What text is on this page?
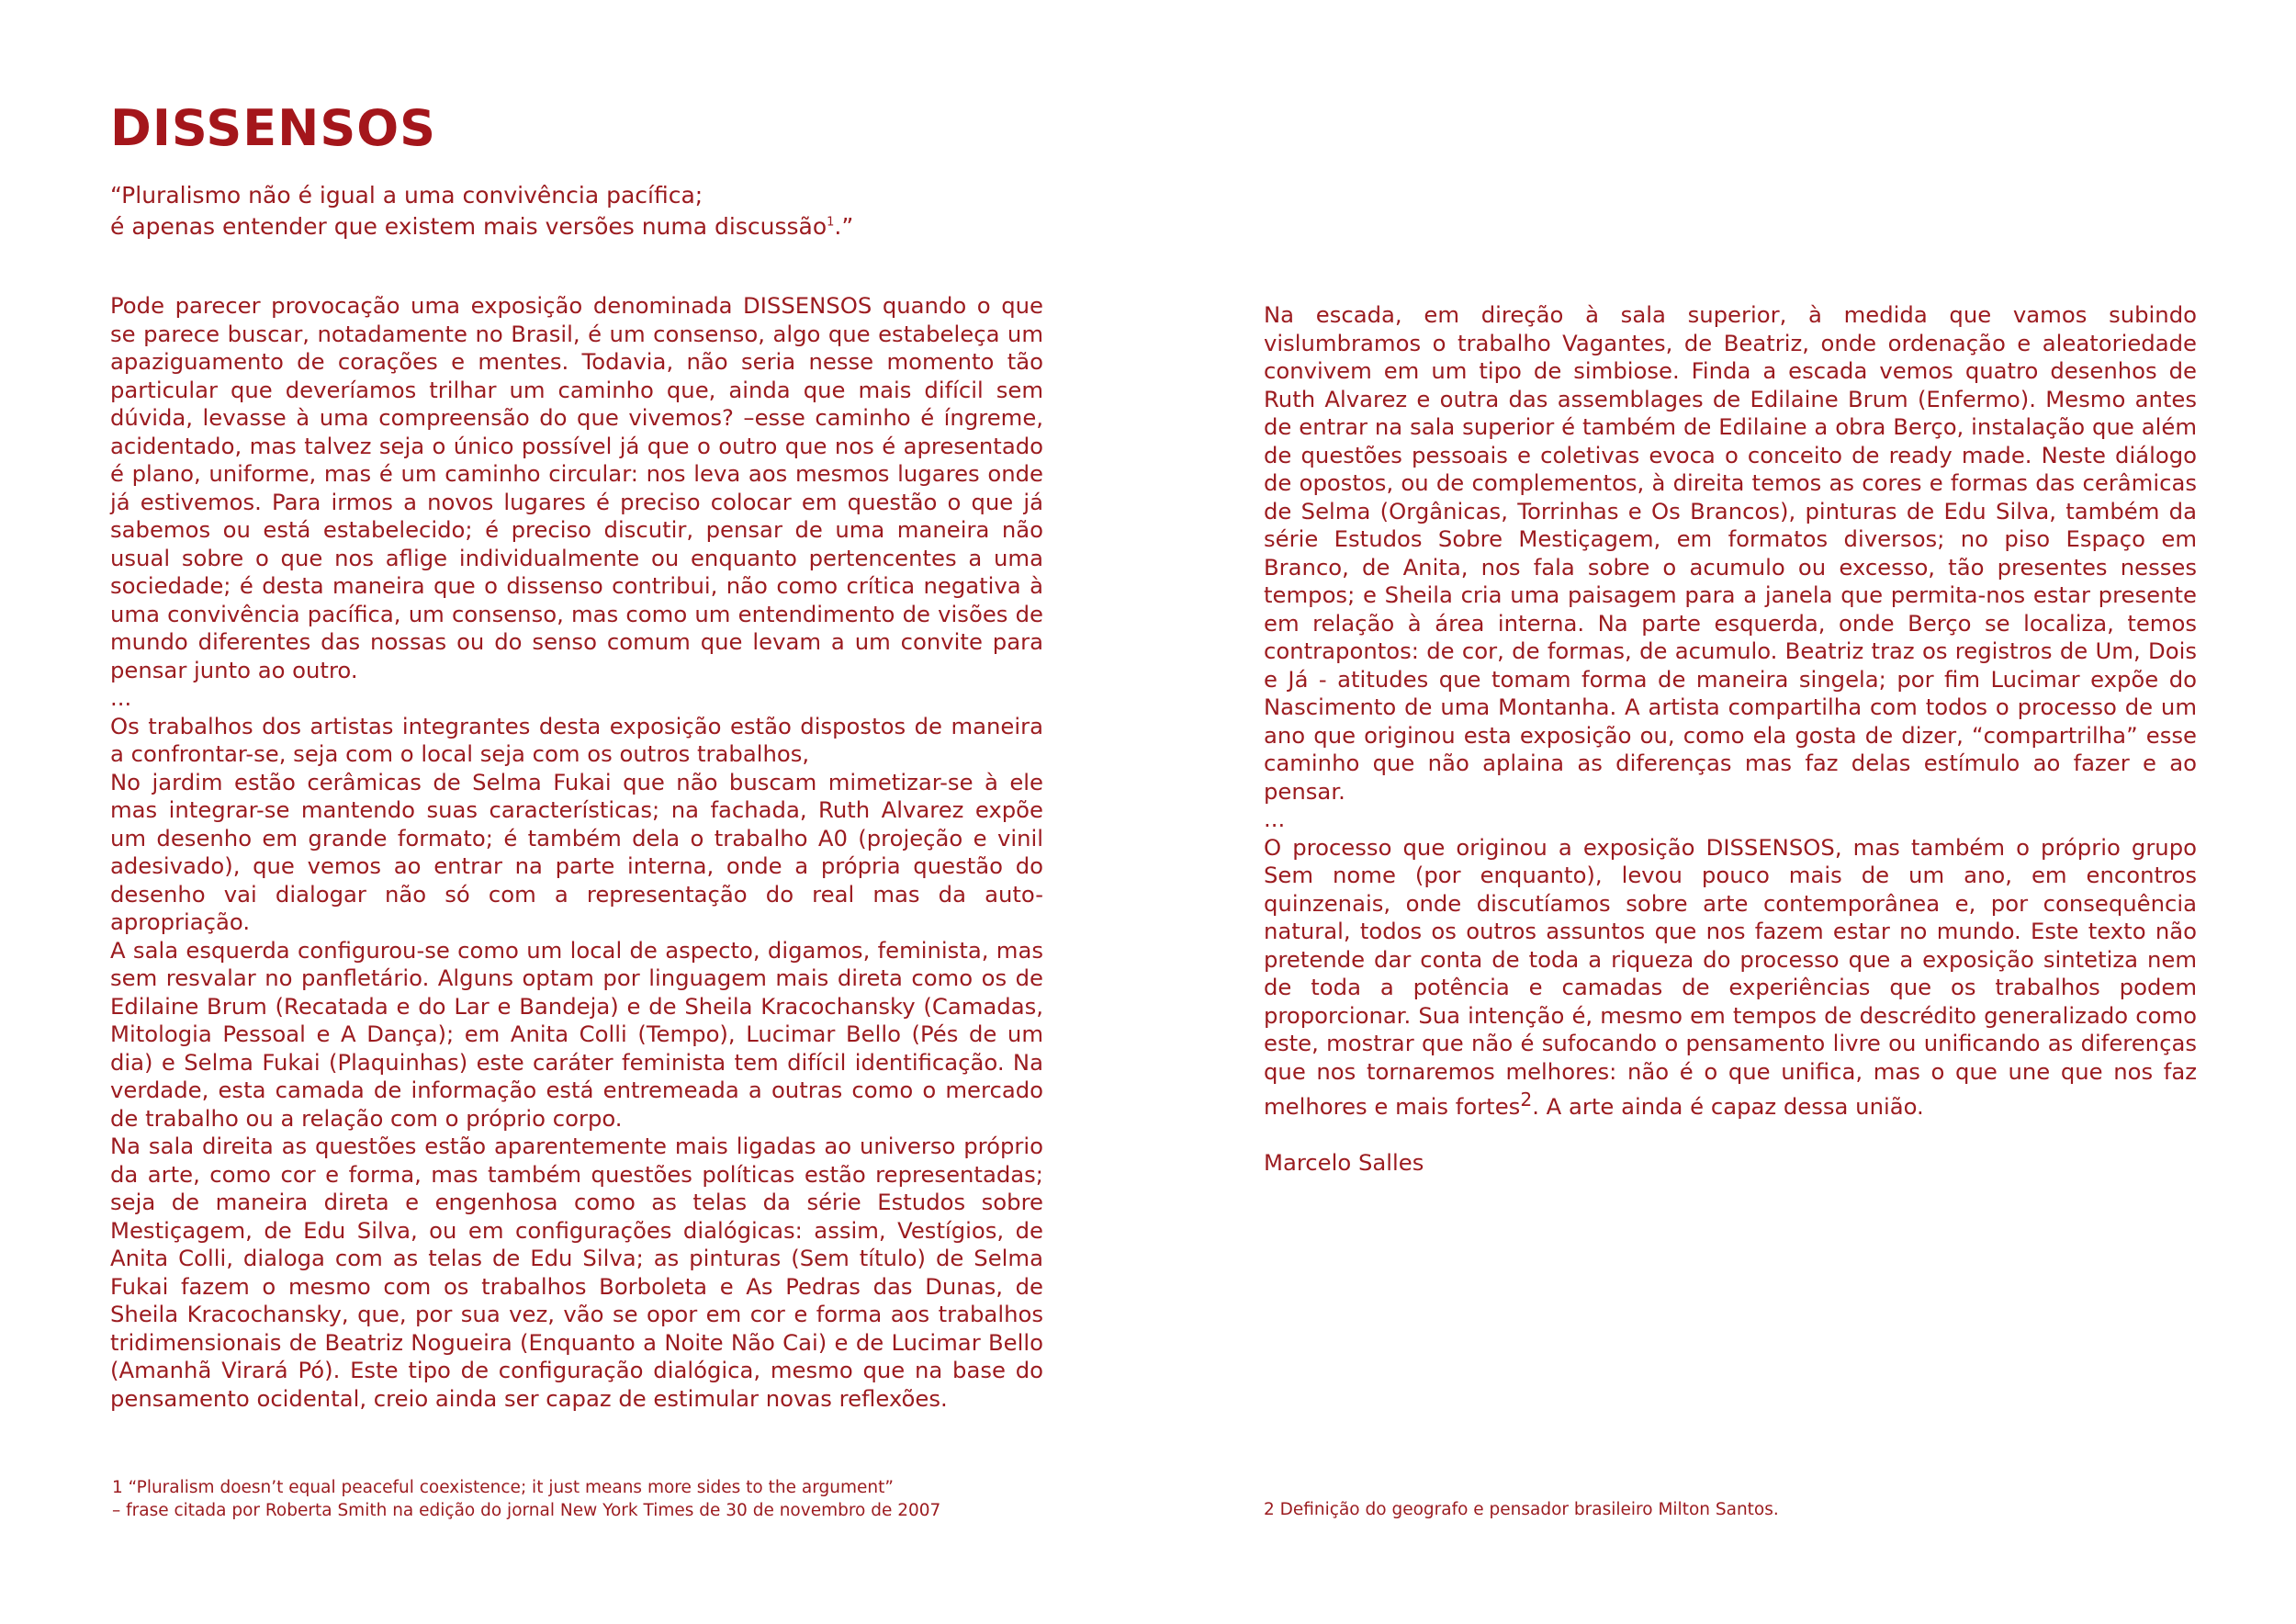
DISSENSOS
“Pluralismo não é igual a uma convivência pacífica;
é apenas entender que existem mais versões numa discussão$^1$.”

Pode parecer provocação uma exposição denominada DISSENSOS quando o que se parece buscar, notadamente no Brasil, é um consenso, algo que estabeleça um apaziguamento de corações e mentes. Todavia, não seria nesse momento tão particular que deveríamos trilhar um caminho que, ainda que mais difícil sem dúvida, levasse à uma compreensão do que vivemos? –esse caminho é íngreme, acidentado, mas talvez seja o único possível já que o outro que nos é apresentado é plano, uniforme, mas é um caminho circular: nos leva aos mesmos lugares onde já estivemos. Para irmos a novos lugares é preciso colocar em questão o que já sabemos ou está estabelecido; é preciso discutir, pensar de uma maneira não usual sobre o que nos aflige individualmente ou enquanto pertencentes a uma sociedade; é desta maneira que o dissenso contribui, não como crítica negativa à uma convivência pacífica, um consenso, mas como um entendimento de visões de mundo diferentes das nossas ou do senso comum que levam a um convite para pensar junto ao outro.

...

Os trabalhos dos artistas integrantes desta exposição estão dispostos de maneira a confrontar-se, seja com o local seja com os outros trabalhos,

No jardim estão cerâmicas de Selma Fukai que não buscam mimetizar-se à ele mas integrar-se mantendo suas características; na fachada, Ruth Alvarez expõe um desenho em grande formato; é também dela o trabalho A0 (projeção e vinil adesivado), que vemos ao entrar na parte interna, onde a própria questão do desenho vai dialogar não só com a representação do real mas da auto-apropriação.

A sala esquerda configurou-se como um local de aspecto, digamos, feminista, mas sem resvalar no panfletário. Alguns optam por linguagem mais direta como os de Edilaine Brum (Recatada e do Lar e Bandeja) e de Sheila Kracochansky (Camadas, Mitologia Pessoal e A Dança); em Anita Colli (Tempo), Lucimar Bello (Pés de um dia) e Selma Fukai (Plaquinhas) este caráter feminista tem difícil identificação. Na verdade, esta camada de informação está entremeada a outras como o mercado de trabalho ou a relação com o próprio corpo.

Na sala direita as questões estão aparentemente mais ligadas ao universo próprio da arte, como cor e forma, mas também questões políticas estão representadas; seja de maneira direta e engenhosa como as telas da série Estudos sobre Mestiçagem, de Edu Silva, ou em configurações dialógicas: assim, Vestígios, de Anita Colli, dialoga com as telas de Edu Silva; as pinturas (Sem título) de Selma Fukai fazem o mesmo com os trabalhos Borboleta e As Pedras das Dunas, de Sheila Kracochansky, que, por sua vez, vão se opor em cor e forma aos trabalhos tridimensionais de Beatriz Nogueira (Enquanto a Noite Não Cai) e de Lucimar Bello (Amanhã Virará Pó). Este tipo de configuração dialógica, mesmo que na base do pensamento ocidental, creio ainda ser capaz de estimular novas reflexões.

Na escada, em direção à sala superior, à medida que vamos subindo vislumbramos o trabalho Vagantes, de Beatriz, onde ordenação e aleatoriedade convivem em um tipo de simbiose. Finda a escada vemos quatro desenhos de Ruth Alvarez e outra das assemblages de Edilaine Brum (Enfermo). Mesmo antes de entrar na sala superior é também de Edilaine a obra Berço, instalação que além de questões pessoais e coletivas evoca o conceito de ready made. Neste diálogo de opostos, ou de complementos, à direita temos as cores e formas das cerâmicas de Selma (Orgânicas, Torrinhas e Os Brancos), pinturas de Edu Silva, também da série Estudos Sobre Mestiçagem, em formatos diversos; no piso Espaço em Branco, de Anita, nos fala sobre o acumulo ou excesso, tão presentes nesses tempos; e Sheila cria uma paisagem para a janela que permita-nos estar presente em relação à área interna. Na parte esquerda, onde Berço se localiza, temos contrapontos: de cor, de formas, de acumulo. Beatriz traz os registros de Um, Dois e Já - atitudes que tomam forma de maneira singela; por fim Lucimar expõe do Nascimento de uma Montanha. A artista compartilha com todos o processo de um ano que originou esta exposição ou, como ela gosta de dizer, “compartrilha” esse caminho que não aplaina as diferenças mas faz delas estímulo ao fazer e ao pensar.

...

O processo que originou a exposição DISSENSOS, mas também o próprio grupo Sem nome (por enquanto), levou pouco mais de um ano, em encontros quinzenais, onde discutíamos sobre arte contemporânea e, por consequência natural, todos os outros assuntos que nos fazem estar no mundo. Este texto não pretende dar conta de toda a riqueza do processo que a exposição sintetiza nem de toda a potência e camadas de experiências que os trabalhos podem proporcionar. Sua intenção é, mesmo em tempos de descrédito generalizado como este, mostrar que não é sufocando o pensamento livre ou unificando as diferenças que nos tornaremos melhores: não é o que unifica, mas o que une que nos faz melhores e mais fortes$^2$. A arte ainda é capaz dessa união.

Marcelo Salles

1 “Pluralism doesn’t equal peaceful coexistence; it just means more sides to the argument”
– frase citada por Roberta Smith na edição do jornal New York Times de 30 de novembro de 2007	2 Definição do geografo e pensador brasileiro Milton Santos.
